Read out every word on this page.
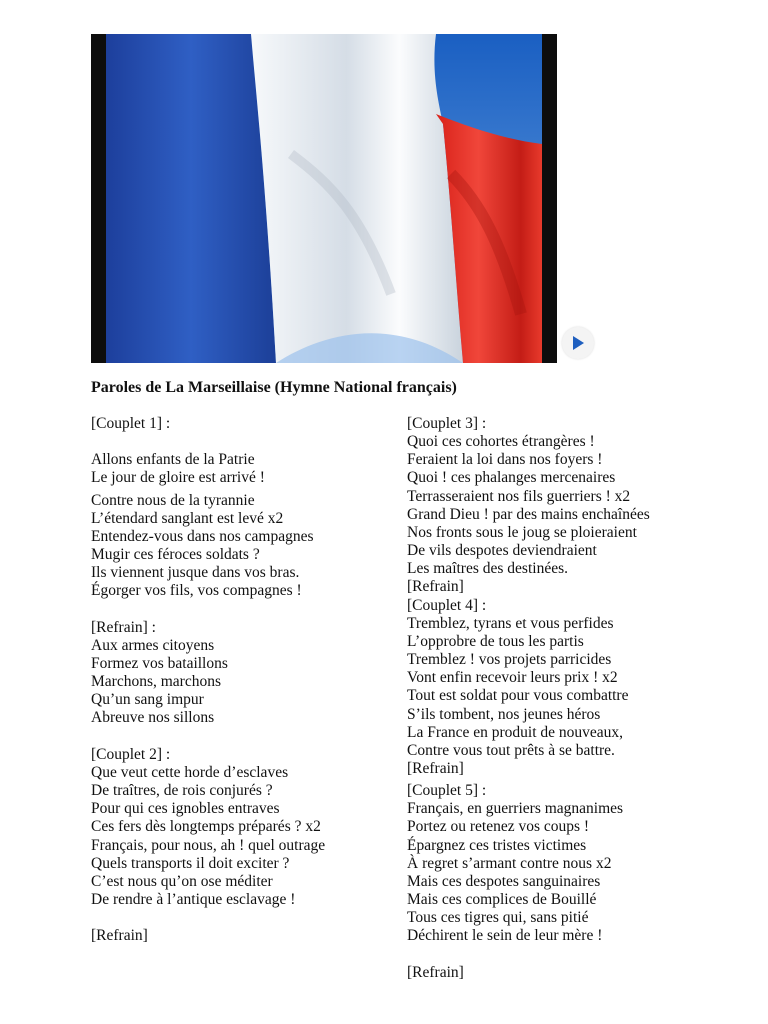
Paroles de La Marseillaise (Hymne National français)
[Couplet 1] :
Allons enfants de la Patrie
Le jour de gloire est arrivé !
Contre nous de la tyrannie
L’étendard sanglant est levé x2
Entendez-vous dans nos campagnes
Mugir ces féroces soldats ?
Ils viennent jusque dans vos bras.
Égorger vos fils, vos compagnes !
[Refrain] :
Aux armes citoyens
Formez vos bataillons
Marchons, marchons
Qu’un sang impur
Abreuve nos sillons
[Couplet 2] :
Que veut cette horde d’esclaves
De traîtres, de rois conjurés ?
Pour qui ces ignobles entraves
Ces fers dès longtemps préparés ? x2
Français, pour nous, ah ! quel outrage
Quels transports il doit exciter ?
C’est nous qu’on ose méditer
De rendre à l’antique esclavage !
[Refrain]
[Couplet 3] :
Quoi ces cohortes étrangères !
Feraient la loi dans nos foyers !
Quoi ! ces phalanges mercenaires
Terrasseraient nos fils guerriers ! x2
Grand Dieu ! par des mains enchaînées
Nos fronts sous le joug se ploieraient
De vils despotes deviendraient
Les maîtres des destinées.
[Refrain]
[Couplet 4] :
Tremblez, tyrans et vous perfides
L’opprobre de tous les partis
Tremblez ! vos projets parricides
Vont enfin recevoir leurs prix ! x2
Tout est soldat pour vous combattre
S’ils tombent, nos jeunes héros
La France en produit de nouveaux,
Contre vous tout prêts à se battre.
[Refrain]
[Couplet 5] :
Français, en guerriers magnanimes
Portez ou retenez vos coups !
Épargnez ces tristes victimes
À regret s’armant contre nous x2
Mais ces despotes sanguinaires
Mais ces complices de Bouillé
Tous ces tigres qui, sans pitié
Déchirent le sein de leur mère !
[Refrain]
